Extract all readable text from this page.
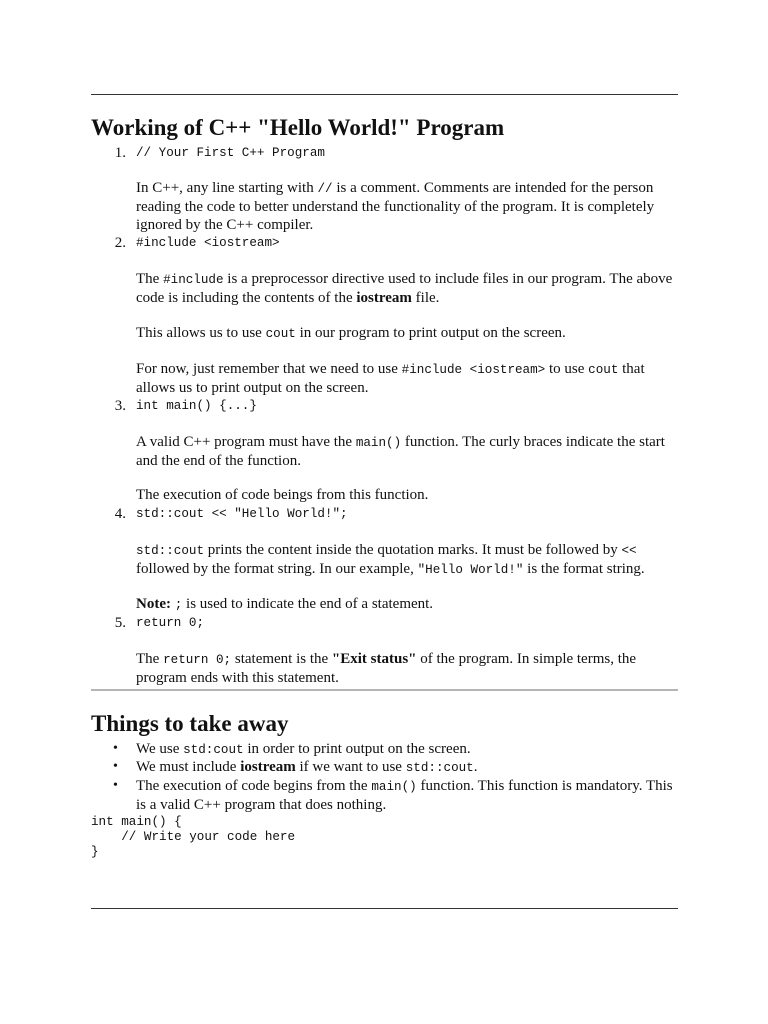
Working of C++ "Hello World!" Program
1. // Your First C++ Program

In C++, any line starting with // is a comment. Comments are intended for the person reading the code to better understand the functionality of the program. It is completely ignored by the C++ compiler.

2. #include <iostream>

The #include is a preprocessor directive used to include files in our program. The above code is including the contents of the iostream file.

This allows us to use cout in our program to print output on the screen.

For now, just remember that we need to use #include <iostream> to use cout that allows us to print output on the screen.

3. int main() {...}

A valid C++ program must have the main() function. The curly braces indicate the start and the end of the function.

The execution of code beings from this function.

4. std::cout << "Hello World!";

std::cout prints the content inside the quotation marks. It must be followed by << followed by the format string. In our example, "Hello World!" is the format string.

Note: ; is used to indicate the end of a statement.

5. return 0;

The return 0; statement is the "Exit status" of the program. In simple terms, the program ends with this statement.

Things to take away
• We use std:cout in order to print output on the screen.

• We must include iostream if we want to use std::cout.

• The execution of code begins from the main() function. This function is mandatory. This is a valid C++ program that does nothing.

int main() {
// Write your code here
}
